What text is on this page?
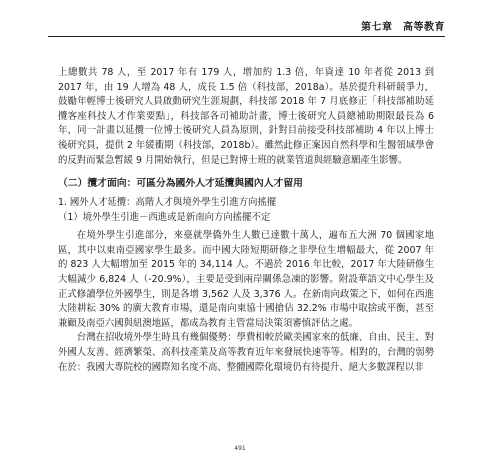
第七章　高等教育

上總數共 78 人，至 2017 年有 179 人，增加約 1.3 倍，年資達 10 年者從 2013 到 2017 年，由 19 人增為 48 人，成長 1.5 倍（科技部，2018a）。基於提升科研競爭力，鼓勵年輕博士後研究人員啟動研究生涯規劃，科技部 2018 年 7 月底修正「科技部補助延攬客座科技人才作業要點」，科技部各司補助計畫，博士後研究人員總補助期限最長為 6 年，同一計畫以延攬一位博士後研究人員為原則，針對目前接受科技部補助 4 年以上博士後研究員，提供 2 年緩衝期（科技部，2018b）。雖然此修正案因自然科學和生醫領域學會的反對而緊急暫緩 9 月開始執行，但是已對博士班的就業管道與經驗意願產生影響。

（二）攬才面向：可區分為國外人才延攬與國內人才留用

1. 國外人才延攬：高階人才與境外學生引進方向搖擺

（1）境外學生引進－西進或是新南向方向搖擺不定

在境外學生引進部分，來臺就學僑外生人數已達數十萬人，遍布五大洲 70 個國家地區，其中以東南亞國家學生最多。而中國大陸短期研修之非學位生增幅最大，從 2007 年的 823 人大幅增加至 2015 年的 34,114 人。不過於 2016 年比較，2017 年大陸研修生大幅減少 6,824 人（-20.9%），主要是受到兩岸關係急凍的影響。附設華語文中心學生及正式修讀學位外國學生，則是各增 3,562 人及 3,376 人。在新南向政策之下，如何在西進大陸耕耘 30% 的廣大教育市場，還是南向東協十國搶佔 32.2% 市場中取捨或平衡，甚至兼顧及南亞六國與紐澳地區，都成為教育主管當局決策須審慎評估之處。

台灣在招收境外學生時具有幾個優勢：學費相較於歐美國家來的低廉、自由、民主、對外國人友善、經濟繁榮、高科技產業及高等教育近年來發展快速等等。相對的，台灣的弱勢在於：我國大專院校的國際知名度不高、整體國際化環境仍有待提升、絕大多數課程以非

491
